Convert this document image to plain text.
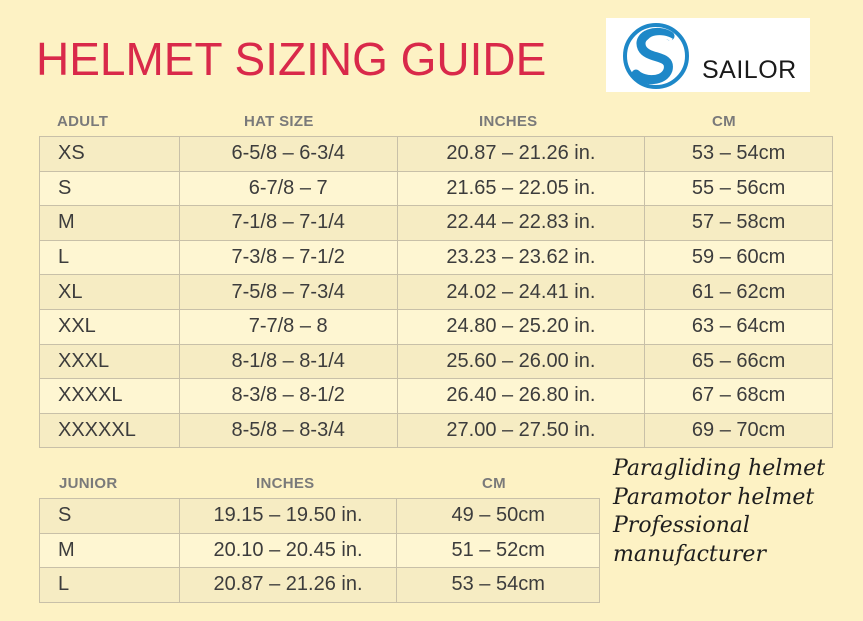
HELMET SIZING GUIDE	SAILOR
ADULT	HAT SIZE	INCHES	CM
XS	6-5/8 – 6-3/4	20.87 – 21.26 in.	53 – 54cm
S	6-7/8 – 7	21.65 – 22.05 in.	55 – 56cm
M	7-1/8 – 7-1/4	22.44 – 22.83 in.	57 – 58cm
L	7-3/8 – 7-1/2	23.23 – 23.62 in.	59 – 60cm
XL	7-5/8 – 7-3/4	24.02 – 24.41 in.	61 – 62cm
XXL	7-7/8 – 8	24.80 – 25.20 in.	63 – 64cm
XXXL	8-1/8 – 8-1/4	25.60 – 26.00 in.	65 – 66cm
XXXXL	8-3/8 – 8-1/2	26.40 – 26.80 in.	67 – 68cm
XXXXXL	8-5/8 – 8-3/4	27.00 – 27.50 in.	69 – 70cm
JUNIOR	INCHES	CM
S	19.15 – 19.50 in.	49 – 50cm
M	20.10 – 20.45 in.	51 – 52cm
L	20.87 – 21.26 in.	53 – 54cm
Paragliding helmet
Paramotor helmet
Professional
manufacturer
